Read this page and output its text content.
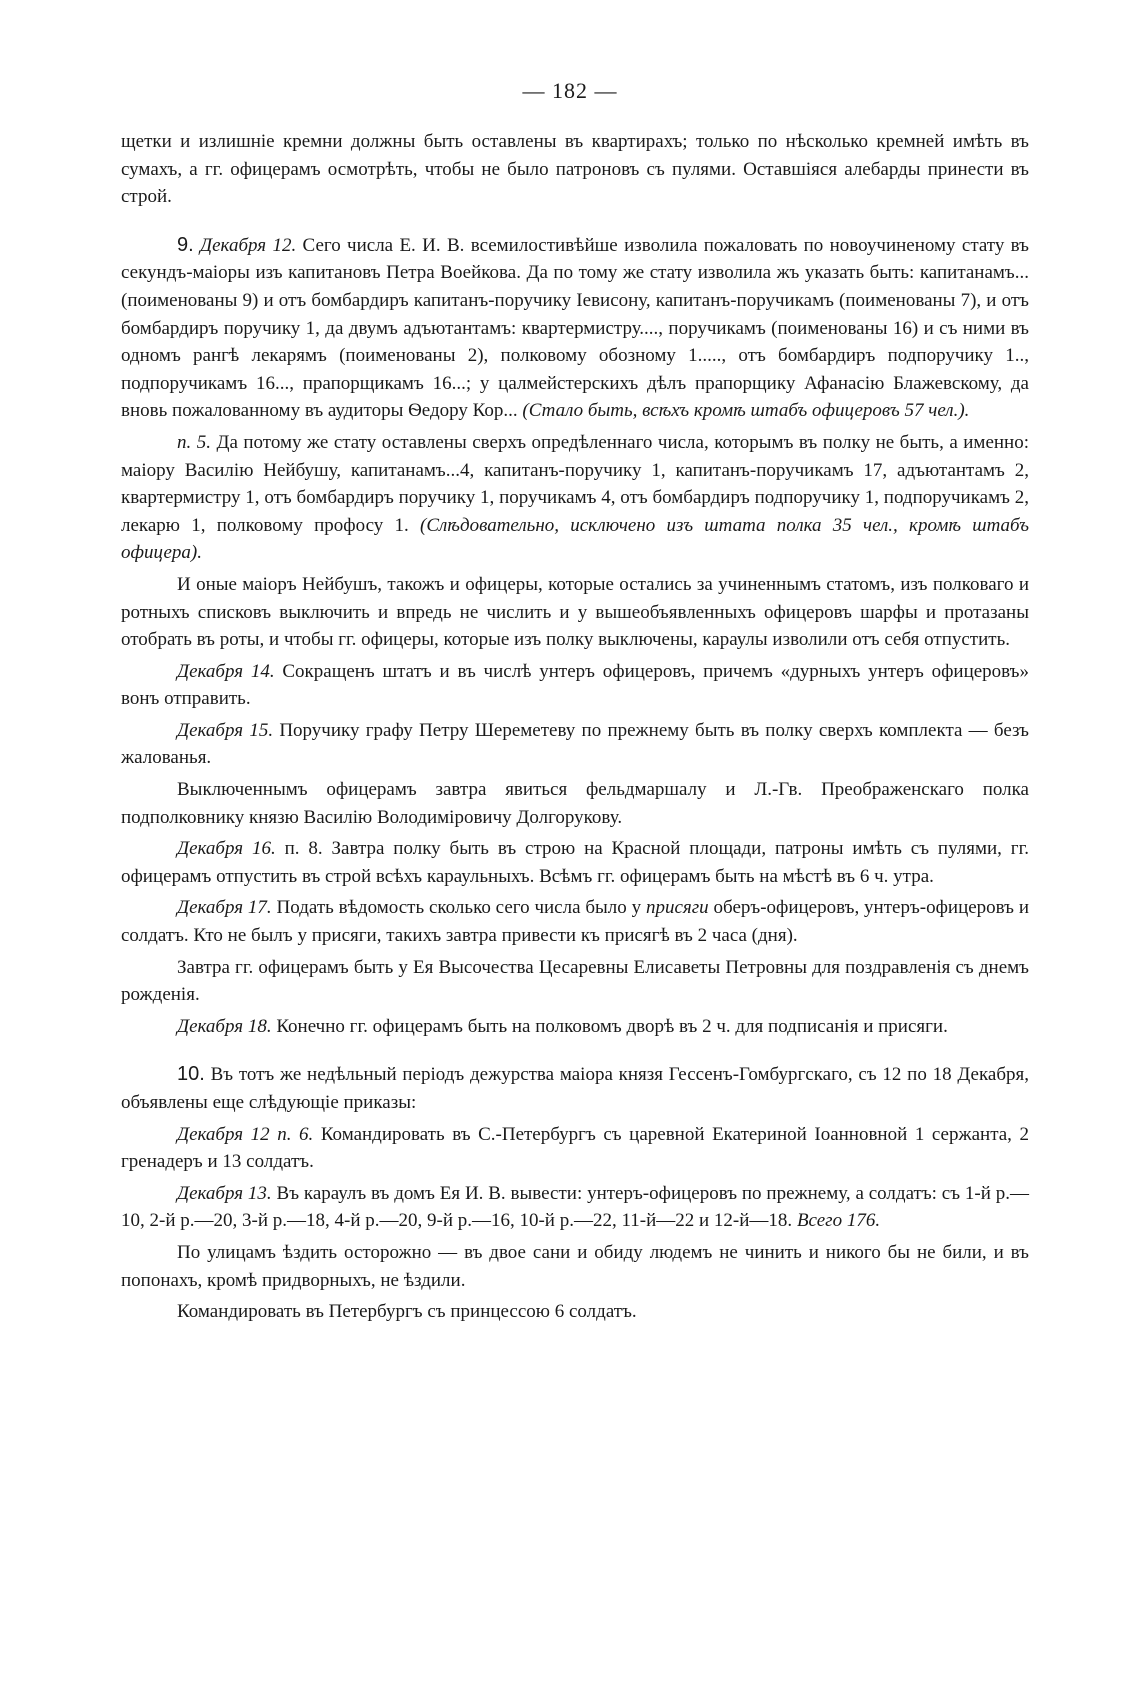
— 182 —

щетки и излишніе кремни должны быть оставлены въ квартирахъ; только по нѣсколько кремней имѣть въ сумахъ, а гг. офицерамъ осмотрѣть, чтобы не было патроновъ съ пулями. Оставшіяся алебарды принести въ строй.

9. Декабря 12. Сего числа Е. И. В. всемилостивѣйше изволила пожаловать по новоучиненому стату въ секундъ-маіоры изъ капитановъ Петра Воейкова. Да по тому же стату изволила жъ указать быть: капитанамъ... (поименованы 9) и отъ бомбардиръ капитанъ-поручику Іевисону, капитанъ-поручикамъ (поименованы 7), и отъ бомбардиръ поручику 1, да двумъ адъютантамъ: квартермистру...., поручикамъ (поименованы 16) и съ ними въ одномъ рангѣ лекарямъ (поименованы 2), полковому обозному 1....., отъ бомбардиръ подпоручику 1.., подпоручикамъ 16..., прапорщикамъ 16...; у цалмейстерскихъ дѣлъ прапорщику Афанасію Блажевскому, да вновь пожалованному въ аудиторы Ѳедору Кор... (Стало быть, всѣхъ кромѣ штабъ офицеровъ 57 чел.).

п. 5. Да потому же стату оставлены сверхъ опредѣленнаго числа, которымъ въ полку не быть, а именно: маіору Василію Нейбушу, капитанамъ...4, капитанъ-поручику 1, капитанъ-поручикамъ 17, адъютантамъ 2, квартермистру 1, отъ бомбардиръ поручику 1, поручикамъ 4, отъ бомбардиръ подпоручику 1, подпоручикамъ 2, лекарю 1, полковому профосу 1. (Слѣдовательно, исключено изъ штата полка 35 чел., кромѣ штабъ офицера).

И оные маіоръ Нейбушъ, такожъ и офицеры, которые остались за учиненнымъ статомъ, изъ полковаго и ротныхъ списковъ выключить и впредь не числить и у вышеобъявленныхъ офицеровъ шарфы и протазаны отобрать въ роты, и чтобы гг. офицеры, которые изъ полку выключены, караулы изволили отъ себя отпустить.

Декабря 14. Сокращенъ штатъ и въ числѣ унтеръ офицеровъ, причемъ «дурныхъ унтеръ офицеровъ» вонъ отправить.

Декабря 15. Поручику графу Петру Шереметеву по прежнему быть въ полку сверхъ комплекта — безъ жалованья.

Выключеннымъ офицерамъ завтра явиться фельдмаршалу и Л.-Гв. Преображенскаго полка подполковнику князю Василію Володиміровичу Долгорукову.

Декабря 16. п. 8. Завтра полку быть въ строю на Красной площади, патроны имѣть съ пулями, гг. офицерамъ отпустить въ строй всѣхъ караульныхъ. Всѣмъ гг. офицерамъ быть на мѣстѣ въ 6 ч. утра.

Декабря 17. Подать вѣдомость сколько сего числа было у присяги оберъ-офицеровъ, унтеръ-офицеровъ и солдатъ. Кто не былъ у присяги, такихъ завтра привести къ присягѣ въ 2 часа (дня).

Завтра гг. офицерамъ быть у Ея Высочества Цесаревны Елисаветы Петровны для поздравленія съ днемъ рожденія.

Декабря 18. Конечно гг. офицерамъ быть на полковомъ дворѣ въ 2 ч. для подписанія и присяги.

10. Въ тотъ же недѣльный періодъ дежурства маіора князя Гессенъ-Гомбургскаго, съ 12 по 18 Декабря, объявлены еще слѣдующіе приказы:

Декабря 12 п. 6. Командировать въ С.-Петербургъ съ царевной Екатериной Іоанновной 1 сержанта, 2 гренадеръ и 13 солдатъ.

Декабря 13. Въ караулъ въ домъ Ея И. В. вывести: унтеръ-офицеровъ по прежнему, а солдатъ: съ 1-й р.—10, 2-й р.—20, 3-й р.—18, 4-й р.—20, 9-й р.—16, 10-й р.—22, 11-й—22 и 12-й—18. Всего 176.

По улицамъ ѣздить осторожно — въ двое сани и обиду людемъ не чинить и никого бы не били, и въ попонахъ, кромѣ придворныхъ, не ѣздили.

Командировать въ Петербургъ съ принцессою 6 солдатъ.
